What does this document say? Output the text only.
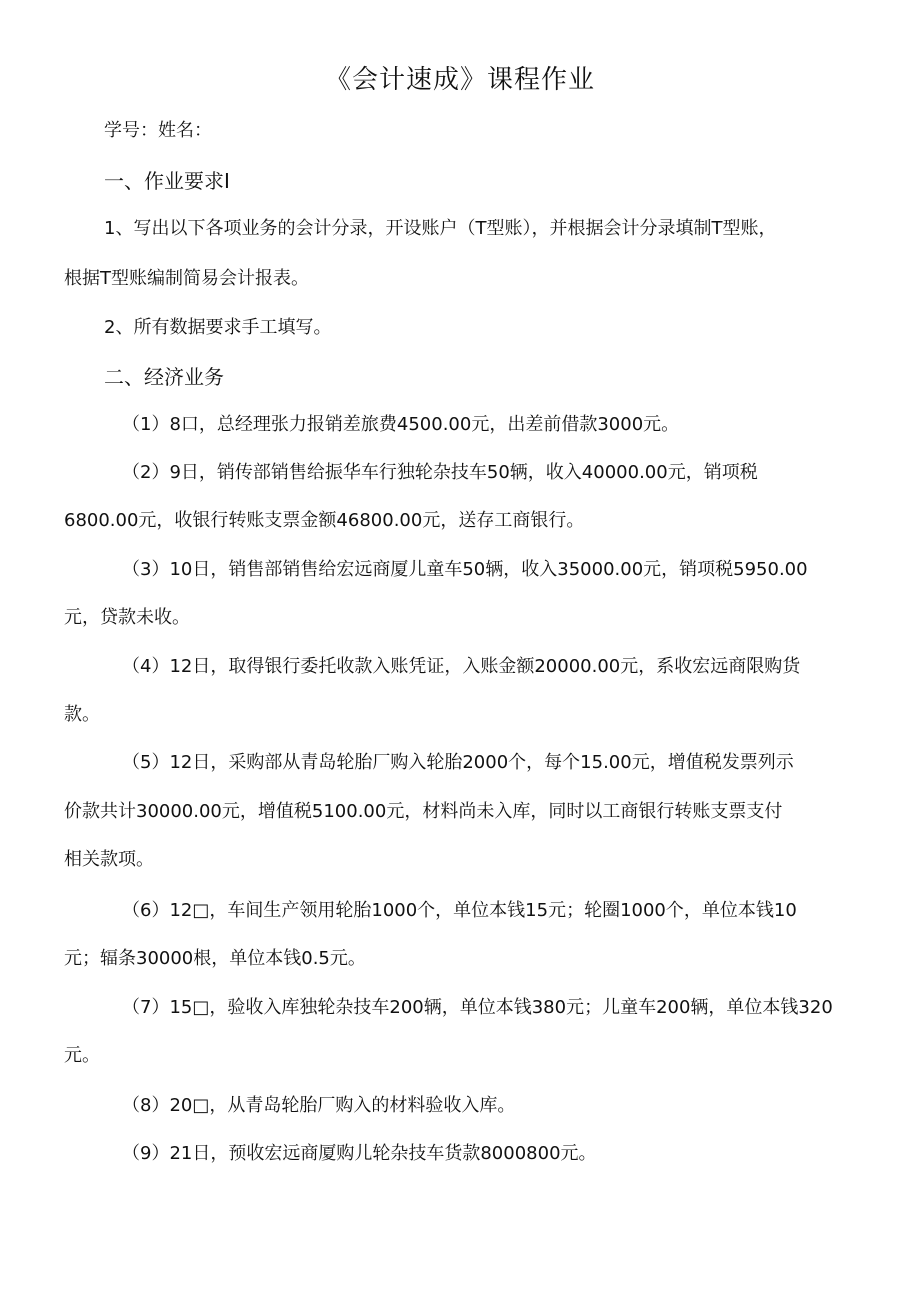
《会计速成》课程作业
学号：姓名：
一、作业要求I
1、写出以下各项业务的会计分录，开设账户（T型账），并根据会计分录填制T型账，
根据T型账编制简易会计报表。
2、所有数据要求手工填写。
二、经济业务
（1）8口，总经理张力报销差旅费4500.00元，出差前借款3000元。
（2）9日，销传部销售给振华车行独轮杂技车50辆，收入40000.00元，销项税
6800.00元，收银行转账支票金额46800.00元，送存工商银行。
（3）10日，销售部销售给宏远商厦儿童车50辆，收入35000.00元，销项税5950.00
元，贷款未收。
（4）12日，取得银行委托收款入账凭证，入账金额20000.00元，系收宏远商限购货
款。
（5）12日，采购部从青岛轮胎厂购入轮胎2000个，每个15.00元，增值税发票列示
价款共计30000.00元，增值税5100.00元，材料尚未入库，同时以工商银行转账支票支付
相关款项。
（6）12□，车间生产领用轮胎1000个，单位本钱15元；轮圈1000个，单位本钱10
元；辐条30000根，单位本钱0.5元。
（7）15□，验收入库独轮杂技车200辆，单位本钱380元；儿童车200辆，单位本钱320
元。
（8）20□，从青岛轮胎厂购入的材料验收入库。
（9）21日，预收宏远商厦购儿轮杂技车货款8000800元。
